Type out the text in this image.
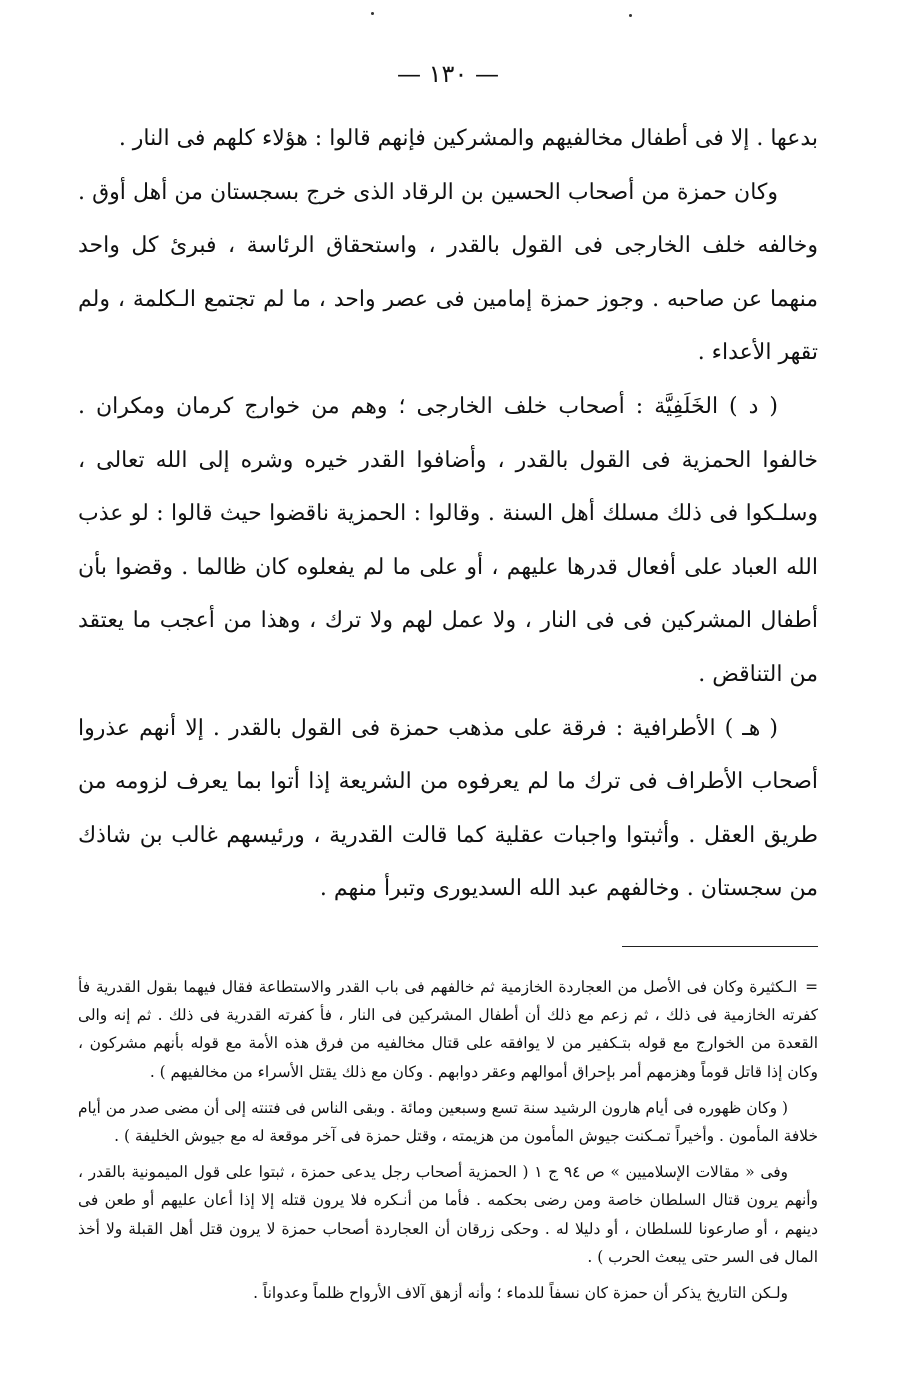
— ١٣٠ —

بدعها . إلا فى أطفال مخالفيهم والمشركين فإنهم قالوا : هؤلاء كلهم فى النار .

وكان حمزة من أصحاب الحسين بن الرقاد الذى خرج بسجستان من أهل أوق . وخالفه خلف الخارجى فى القول بالقدر ، واستحقاق الرئاسة ، فبرئ كل واحد منهما عن صاحبه . وجوز حمزة إمامين فى عصر واحد ، ما لم تجتمع الـكلمة ، ولم تقهر الأعداء .

( د ) الخَلَفِيَّة : أصحاب خلف الخارجى ؛ وهم من خوارج كرمان ومكران . خالفوا الحمزية فى القول بالقدر ، وأضافوا القدر خيره وشره إلى الله تعالى ، وسلـكوا فى ذلك مسلك أهل السنة . وقالوا : الحمزية ناقضوا حيث قالوا : لو عذب الله العباد على أفعال قدرها عليهم ، أو على ما لم يفعلوه كان ظالما . وقضوا بأن أطفال المشركين فى فى النار ، ولا عمل لهم ولا ترك ، وهذا من أعجب ما يعتقد من التناقض .

( هـ ) الأطرافية : فرقة على مذهب حمزة فى القول بالقدر . إلا أنهم عذروا أصحاب الأطراف فى ترك ما لم يعرفوه من الشريعة إذا أتوا بما يعرف لزومه من طريق العقل . وأثبتوا واجبات عقلية كما قالت القدرية ، ورئيسهم غالب بن شاذك من سجستان . وخالفهم عبد الله السديورى وتبرأ منهم .

=الـكثيرة وكان فى الأصل من العجاردة الخازمية ثم خالفهم فى باب القدر والاستطاعة فقال فيهما بقول القدرية فأ كفرته الخازمية فى ذلك ، ثم زعم مع ذلك أن أطفال المشركين فى النار ، فأ كفرته القدرية فى ذلك . ثم إنه والى القعدة من الخوارج مع قوله بتـكفير من لا يوافقه على قتال مخالفيه من فرق هذه الأمة مع قوله بأنهم مشركون ، وكان إذا قاتل قوماً وهزمهم أمر بإحراق أموالهم وعقر دوابهم . وكان مع ذلك يقتل الأسراء من مخالفيهم ) .

( وكان ظهوره فى أيام هارون الرشيد سنة تسع وسبعين ومائة . وبقى الناس فى فتنته إلى أن مضى صدر من أيام خلافة المأمون . وأخيراً تمـكنت جيوش المأمون من هزيمته ، وقتل حمزة فى آخر موقعة له مع جيوش الخليفة ) .

وفى « مقالات الإسلاميين » ص ٩٤ ج ١ ( الحمزية أصحاب رجل يدعى حمزة ، ثبتوا على قول الميمونية بالقدر ، وأنهم يرون قتال السلطان خاصة ومن رضى بحكمه . فأما من أنـكره فلا يرون قتله إلا إذا أعان عليهم أو طعن فى دينهم ، أو صارعونا للسلطان ، أو دليلا له . وحكى زرقان أن العجاردة أصحاب حمزة لا يرون قتل أهل القبلة ولا أخذ المال فى السر حتى يبعث الحرب ) .

ولـكن التاريخ يذكر أن حمزة كان نسفاً للدماء ؛ وأنه أزهق آلاف الأرواح ظلماً وعدواناً .
